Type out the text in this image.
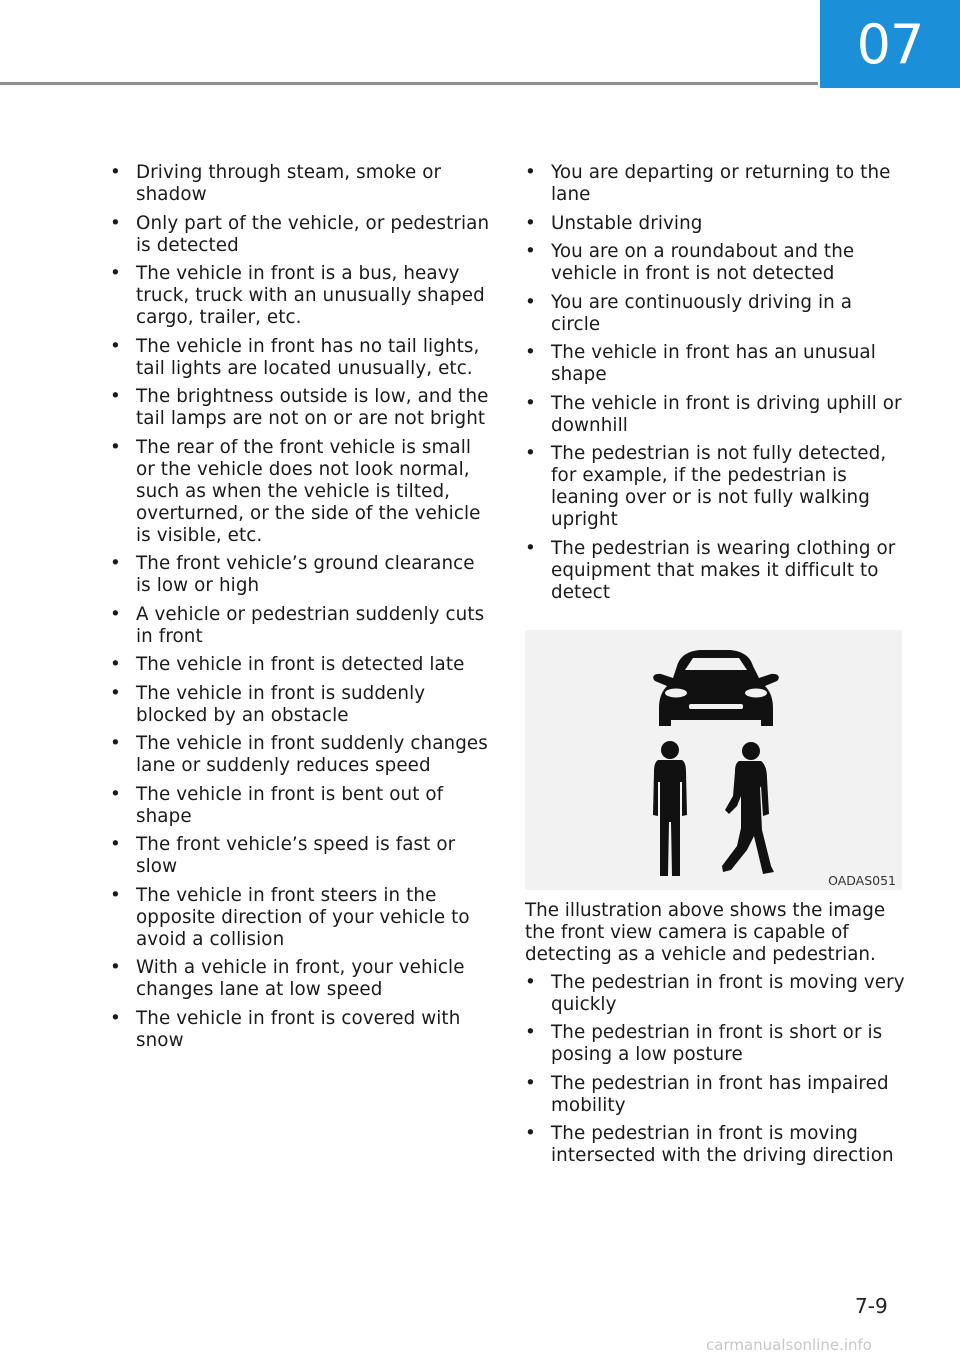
07
• Driving through steam, smoke or shadow
• Only part of the vehicle, or pedestrian is detected
• The vehicle in front is a bus, heavy truck, truck with an unusually shaped cargo, trailer, etc.
• The vehicle in front has no tail lights, tail lights are located unusually, etc.
• The brightness outside is low, and the tail lamps are not on or are not bright
• The rear of the front vehicle is small or the vehicle does not look normal, such as when the vehicle is tilted, overturned, or the side of the vehicle is visible, etc.
• The front vehicle’s ground clearance is low or high
• A vehicle or pedestrian suddenly cuts in front
• The vehicle in front is detected late
• The vehicle in front is suddenly blocked by an obstacle
• The vehicle in front suddenly changes lane or suddenly reduces speed
• The vehicle in front is bent out of shape
• The front vehicle’s speed is fast or slow
• The vehicle in front steers in the opposite direction of your vehicle to avoid a collision
• With a vehicle in front, your vehicle changes lane at low speed
• The vehicle in front is covered with snow
• You are departing or returning to the lane
• Unstable driving
• You are on a roundabout and the vehicle in front is not detected
• You are continuously driving in a circle
• The vehicle in front has an unusual shape
• The vehicle in front is driving uphill or downhill
• The pedestrian is not fully detected, for example, if the pedestrian is leaning over or is not fully walking upright
• The pedestrian is wearing clothing or equipment that makes it difficult to detect
OADAS051

The illustration above shows the image the front view camera is capable of detecting as a vehicle and pedestrian.

• The pedestrian in front is moving very quickly
• The pedestrian in front is short or is posing a low posture
• The pedestrian in front has impaired mobility
• The pedestrian in front is moving intersected with the driving direction
7-9
carmanualsonline.info
